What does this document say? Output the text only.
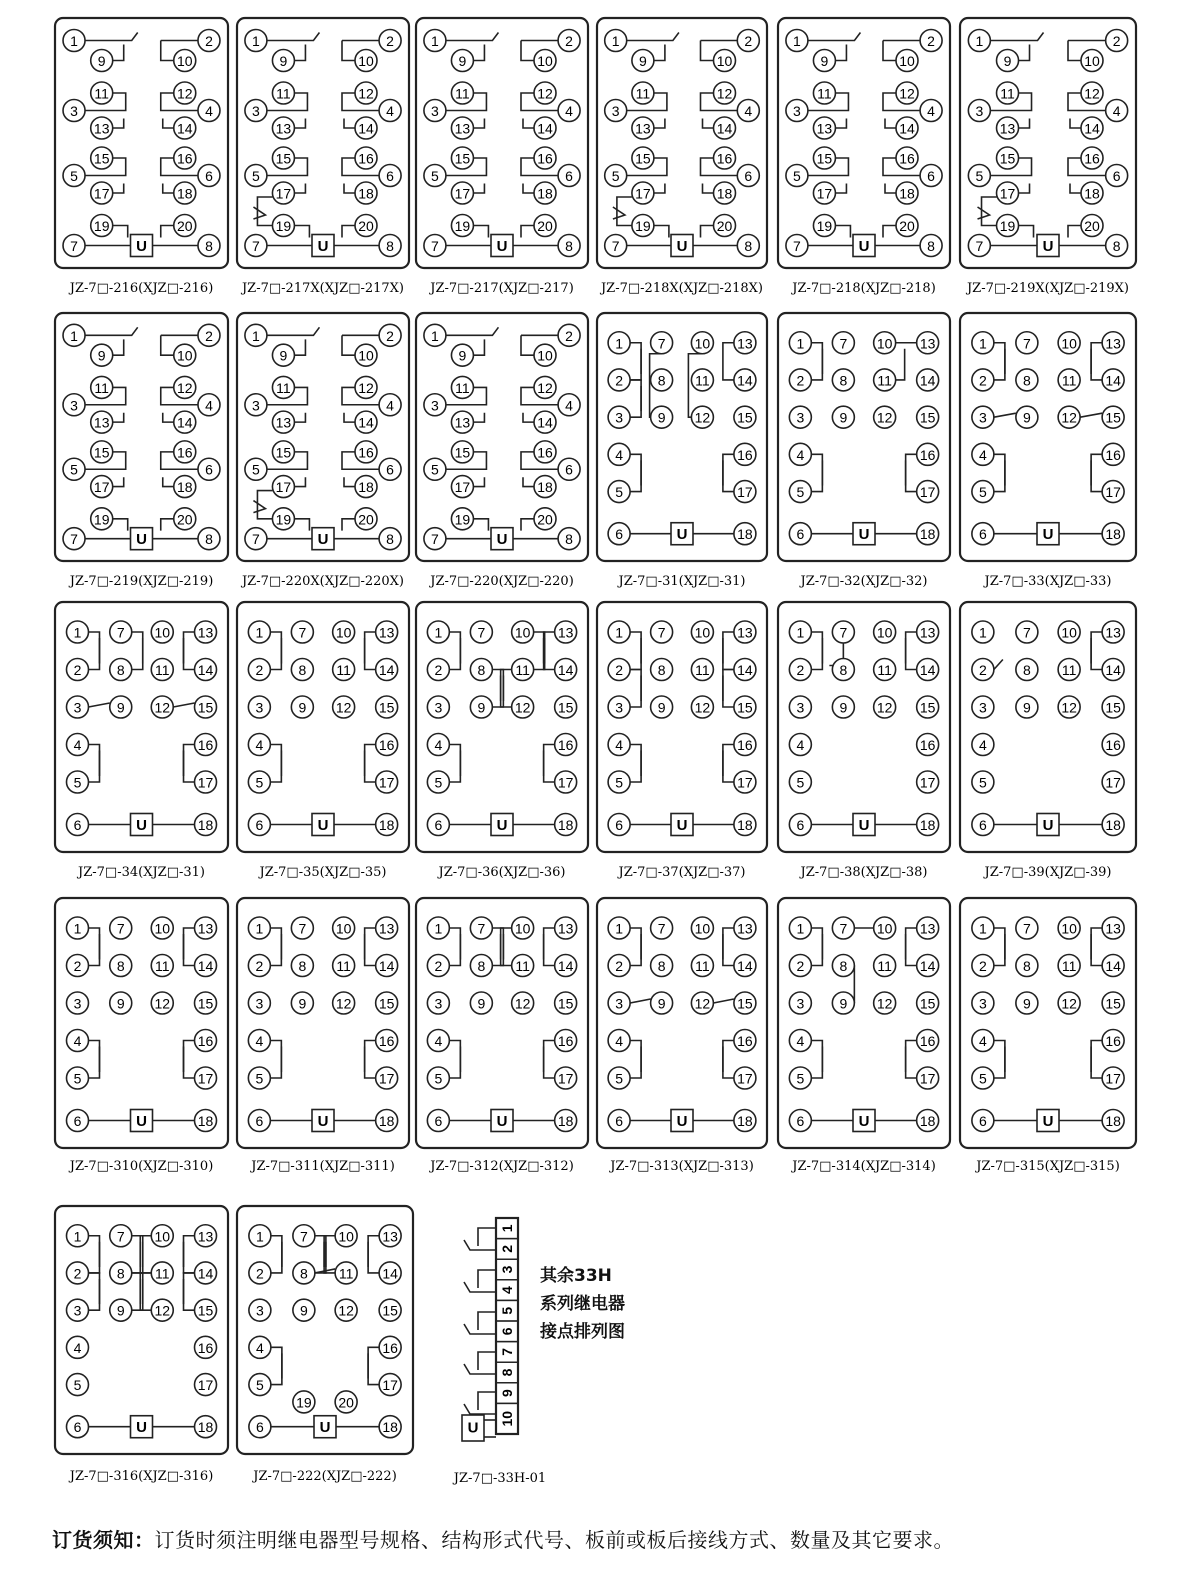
U
1	2
9	10
11	12
3	4
13	14
15	16
5	6
17	18
19	20
7	8
JZ-7□-216(XJZ□-216)
U
1	2
9	10
11	12
3	4
13	14
15	16
5	6
17	18
19	20
7	8
JZ-7□-217X(XJZ□-217X)
U
1	2
9	10
11	12
3	4
13	14
15	16
5	6
17	18
19	20
7	8
JZ-7□-217(XJZ□-217)
U
1	2
9	10
11	12
3	4
13	14
15	16
5	6
17	18
19	20
7	8
JZ-7□-218X(XJZ□-218X)
U
1	2
9	10
11	12
3	4
13	14
15	16
5	6
17	18
19	20
7	8
JZ-7□-218(XJZ□-218)
U
1	2
9	10
11	12
3	4
13	14
15	16
5	6
17	18
19	20
7	8
JZ-7□-219X(XJZ□-219X)
U
1	2
9	10
11	12
3	4
13	14
15	16
5	6
17	18
19	20
7	8
JZ-7□-219(XJZ□-219)
U
1	2
9	10
11	12
3	4
13	14
15	16
5	6
17	18
19	20
7	8
JZ-7□-220X(XJZ□-220X)
U
1	2
9	10
11	12
3	4
13	14
15	16
5	6
17	18
19	20
7	8
JZ-7□-220(XJZ□-220)
U
1 7 10 13
2 8 11 14
3 9 12 15
4	16
5	17
6	18
JZ-7□-31(XJZ□-31)
U
1	7 10 13
2	8 11 14
3	9 12 15
4	16
5	17
6	18
JZ-7□-32(XJZ□-32)
U
1	7 10 13
2	8 11 14
3	9 12 15
4	16
5	17
6	18
JZ-7□-33(XJZ□-33)
U
1	7 10 13
2	8 11 14
3	9 12 15
4	16
5	17
6	18
JZ-7□-34(XJZ□-31)
U
1	7 10 13
2	8 11 14
3	9 12 15
4	16
5	17
6	18
JZ-7□-35(XJZ□-35)
U
1	7 10 13
2	8 11 14
3	9 12 15
4	16
5	17
6	18
JZ-7□-36(XJZ□-36)
U
1 7 10 13
2 8 11 14
3 9 12 15
4	16
5	17
6	18
JZ-7□-37(XJZ□-37)
U
1	7 10 13
2	8 11 14
3	9 12 15
4	16
5	17
6	18
JZ-7□-38(XJZ□-38)
U
1	7 10 13
2	8 11 14
3	9 12 15
4	16
5	17
6	18
JZ-7□-39(XJZ□-39)
U
1	7 10 13
2	8 11 14
3	9 12 15
4	16
5	17
6	18
JZ-7□-310(XJZ□-310)
U
1	7 10 13
2	8 11 14
3	9 12 15
4	16
5	17
6	18
JZ-7□-311(XJZ□-311)
U
1	7 10 13
2	8 11 14
3	9 12 15
4	16
5	17
6	18
JZ-7□-312(XJZ□-312)
U
1 7 10 13
2 8 11 14
3 9 12 15
4	16
5	17
6	18
JZ-7□-313(XJZ□-313)
U
1	7 10 13
2	8 11 14
3	9 12 15
4	16
5	17
6	18
JZ-7□-314(XJZ□-314)
U
1	7 10 13
2	8 11 14
3	9 12 15
4	16
5	17
6	18
JZ-7□-315(XJZ□-315)
U
1	7 10 13
2	8 11 14
3	9 12 15
4	16
5	17
6	18
JZ-7□-316(XJZ□-316)
U
1	7 10 13
2	8 11 14
3	9 12 15
4	16
5	17
6	18
19 20
JZ-7□-222(XJZ□-222)
1
2
3
4
5
6
7
8
9
10
U
JZ-7□-33H-01
其余33H
系列继电器
接点排列图
订货须知：订货时须注明继电器型号规格、结构形式代号、板前或板后接线方式、数量及其它要求。
